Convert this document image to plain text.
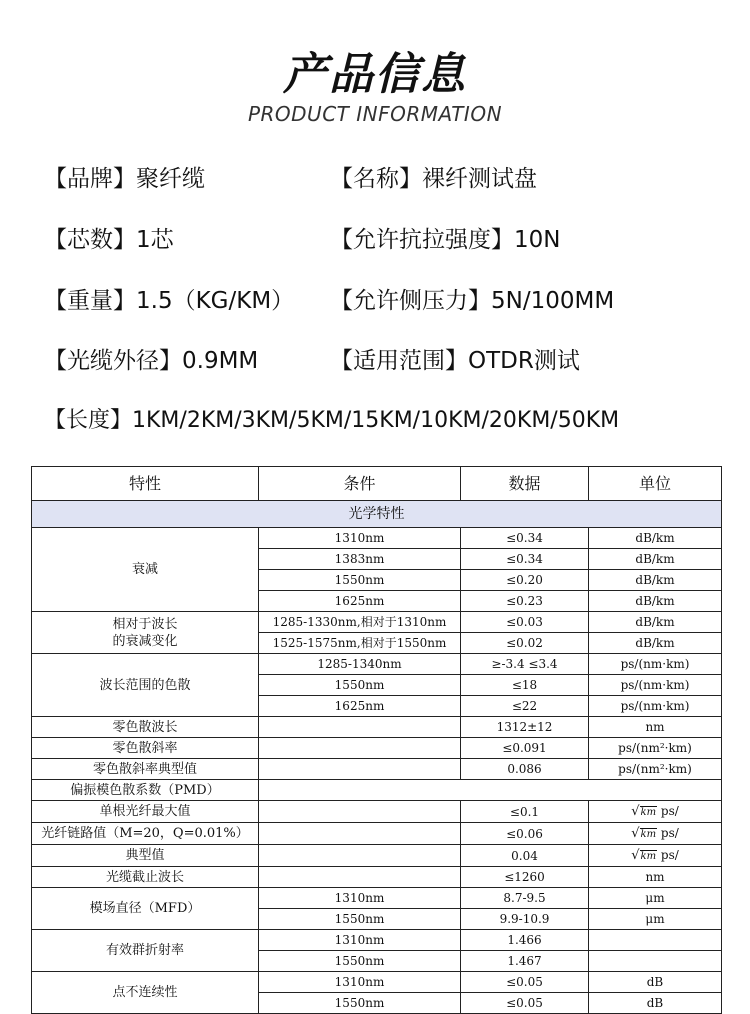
产品信息
PRODUCT INFORMATION
【品牌】聚纤缆	【名称】裸纤测试盘
【芯数】1芯	【允许抗拉强度】10N
【重量】1.5（KG/KM） 【允许侧压力】5N/100MM
【光缆外径】0.9MM	【适用范围】OTDR测试
【长度】1KM/2KM/3KM/5KM/15KM/10KM/20KM/50KM
特性	条件	数据	单位
光学特性			
衰减	1310nm	≤0.34	dB/km
	1383nm	≤0.34	dB/km
	1550nm	≤0.20	dB/km
	1625nm	≤0.23	dB/km

相对于波长
的衰减变化	1285-1330nm,相对于1310nm	≤0.03	dB/km
	1525-1575nm,相对于1550nm	≤0.02	dB/km
波长范围的色散	1285-1340nm	≥-3.4 ≤3.4	ps/(nm·km)
	1550nm	≤18	ps/(nm·km)
	1625nm	≤22	ps/(nm·km)
零色散波长		1312±12	nm
零色散斜率		≤0.091	ps/(nm²·km)
零色散斜率典型值		0.086	ps/(nm²·km)
偏振模色散系数（PMD）			
单根光纤最大值		≤0.1	√km ps/
光纤链路值（M=20，Q=0.01%）		≤0.06	√km ps/
典型值		0.04	√km ps/
光缆截止波长		≤1260	nm
模场直径（MFD）	1310nm	8.7-9.5	μm
	1550nm	9.9-10.9	μm
有效群折射率	1310nm	1.466	
	1550nm	1.467	
点不连续性	1310nm	≤0.05	dB
	1550nm	≤0.05	dB
